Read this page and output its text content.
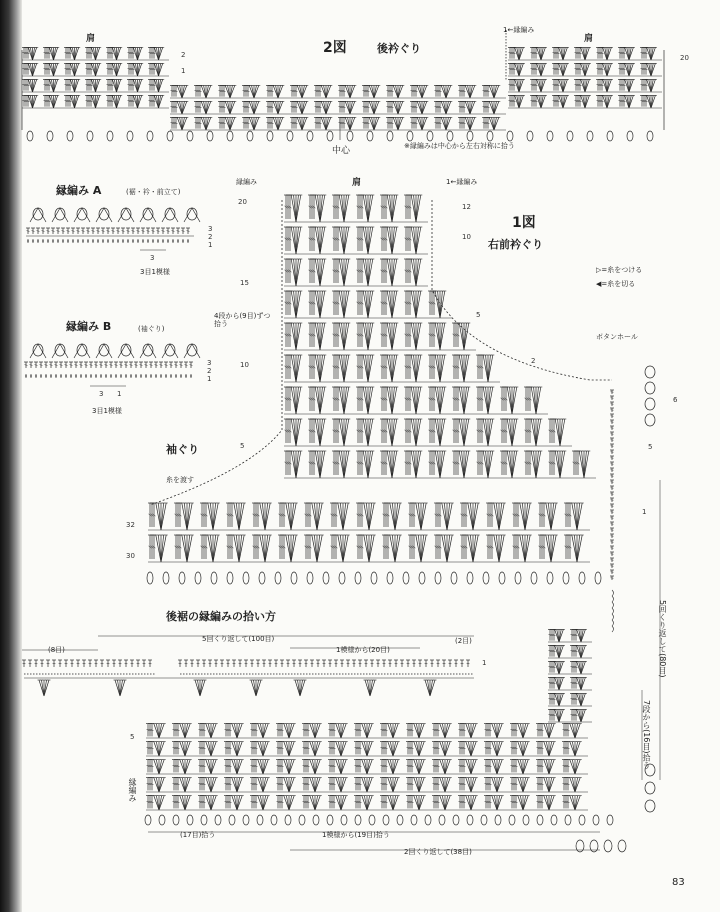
2図	後衿ぐり
肩	肩
1←縁編み
中心	※縁編みは中心から左右対称に拾う
2
1
20
縁編み A	(裾・衿・前立て)
3
2
1
3
3目1模様
縁編み B	(袖ぐり)
3
2
1
3 1
3目1模様
縁編み	肩	1←縁編み
1図
右前衿ぐり
▷=糸をつける
◀=糸を切る
20
15
10
5
12
10
5
4段から(9目)ずつ拾う
袖ぐり
糸を渡す
ボタンホール
32
30
2
5
1
6
5回くり返して(80目)
7段から(16目)拾う
後裾の縁編みの拾い方
(8目)
5回くり返して(100目)
1模様から(20目)
(2目)
1
5
縁編み
(17目)拾う	1模様から(19目)拾う
2回くり返して(38目)
83
